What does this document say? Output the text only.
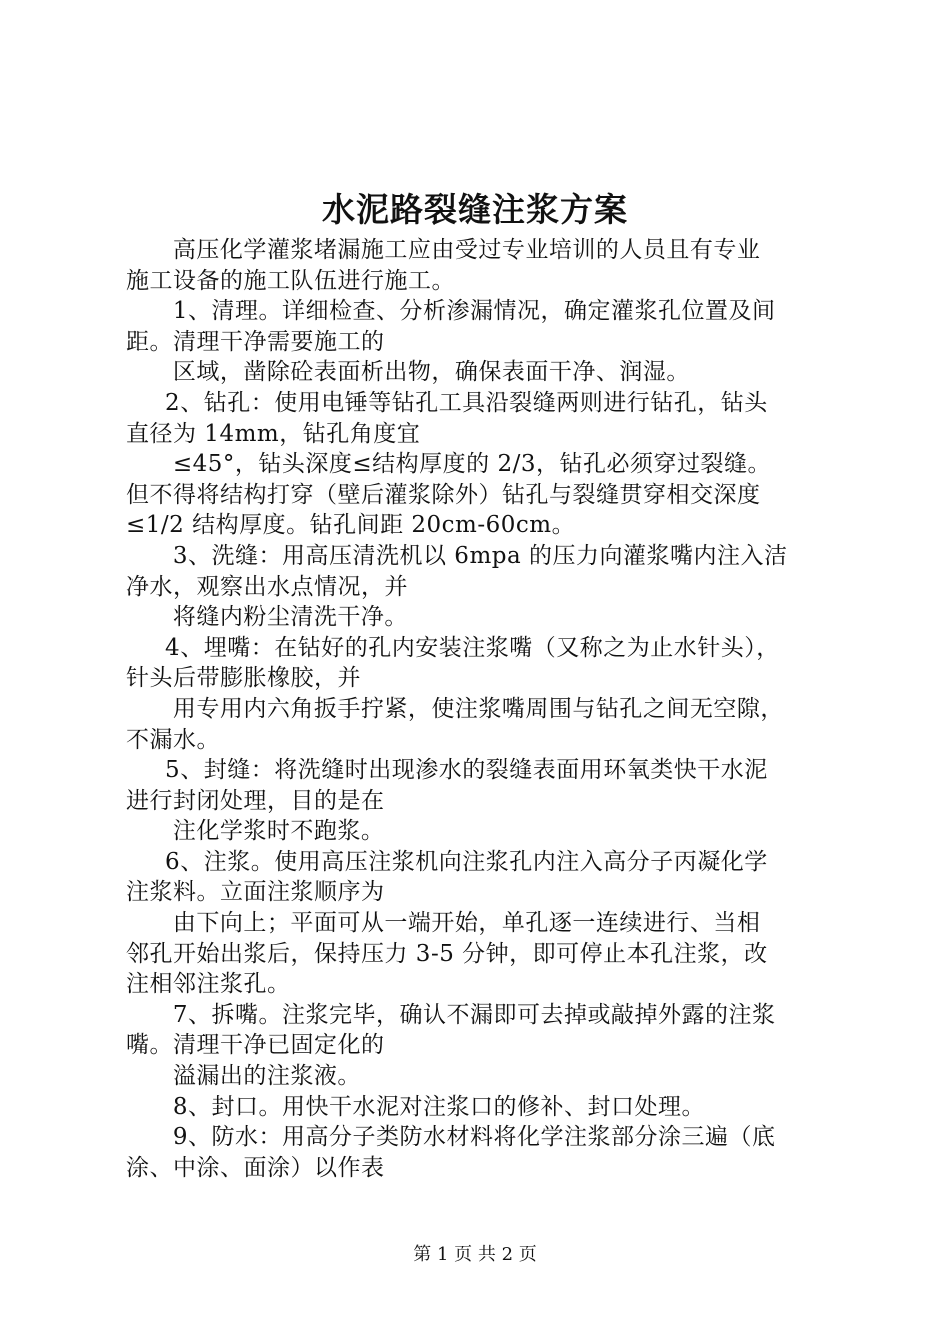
水泥路裂缝注浆方案
高压化学灌浆堵漏施工应由受过专业培训的人员且有专业
施工设备的施工队伍进行施工。
1、清理。详细检查、分析渗漏情况，确定灌浆孔位置及间
距。清理干净需要施工的
区域，凿除砼表面析出物，确保表面干净、润湿。
2、钻孔：使用电锤等钻孔工具沿裂缝两则进行钻孔，钻头
直径为 14mm，钻孔角度宜
≤45°，钻头深度≤结构厚度的 2/3，钻孔必须穿过裂缝。
但不得将结构打穿（壁后灌浆除外）钻孔与裂缝贯穿相交深度
≤1/2 结构厚度。钻孔间距 20cm-60cm。
3、洗缝：用高压清洗机以 6mpa 的压力向灌浆嘴内注入洁
净水，观察出水点情况，并
将缝内粉尘清洗干净。
4、埋嘴：在钻好的孔内安装注浆嘴（又称之为止水针头），
针头后带膨胀橡胶，并
用专用内六角扳手拧紧，使注浆嘴周围与钻孔之间无空隙，
不漏水。
5、封缝：将洗缝时出现渗水的裂缝表面用环氧类快干水泥
进行封闭处理，目的是在
注化学浆时不跑浆。
6、注浆。使用高压注浆机向注浆孔内注入高分子丙凝化学
注浆料。立面注浆顺序为
由下向上；平面可从一端开始，单孔逐一连续进行、当相
邻孔开始出浆后，保持压力 3-5 分钟，即可停止本孔注浆，改
注相邻注浆孔。
7、拆嘴。注浆完毕，确认不漏即可去掉或敲掉外露的注浆
嘴。清理干净已固定化的
溢漏出的注浆液。
8、封口。用快干水泥对注浆口的修补、封口处理。
9、防水：用高分子类防水材料将化学注浆部分涂三遍（底
涂、中涂、面涂）以作表
第 1 页 共 2 页
